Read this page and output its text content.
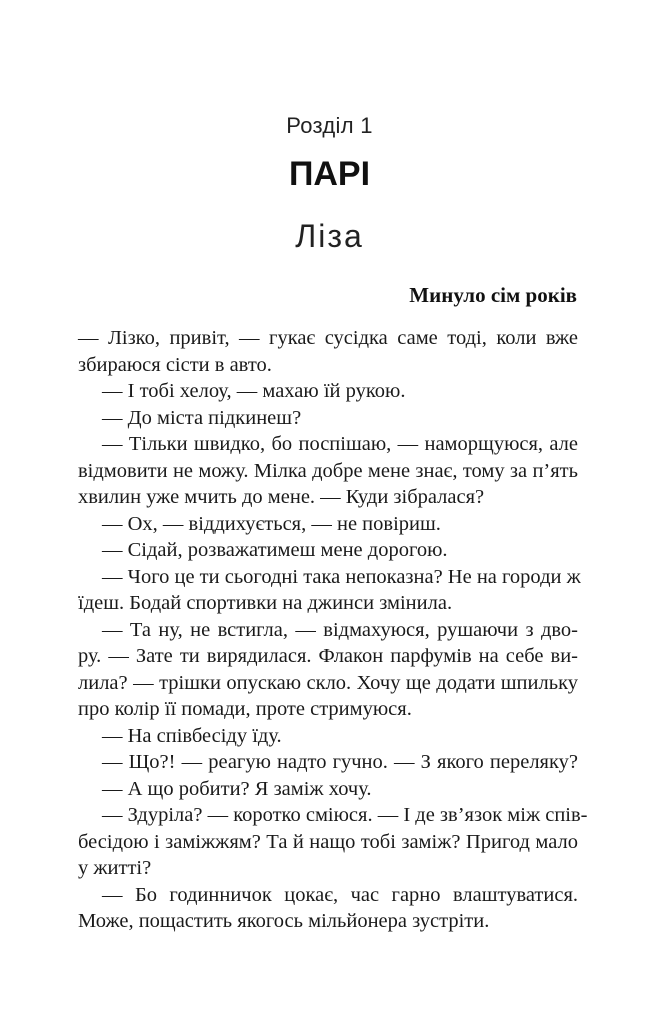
Розділ 1
ПАРІ
Ліза
Минуло сім років
— Лізко, привіт, — гукає сусідка саме тоді, коли вже
збираюся сісти в авто.
— І тобі хелоу, — махаю їй рукою.
— До міста підкинеш?
— Тільки швидко, бо поспішаю, — наморщуюся, але
відмовити не можу. Мілка добре мене знає, тому за п’ять
хвилин уже мчить до мене. — Куди зібралася?
— Ох, — віддихується, — не повіриш.
— Сідай, розважатимеш мене дорогою.
— Чого це ти сьогодні така непоказна? Не на городи ж
їдеш. Бодай спортивки на джинси змінила.
— Та ну, не встигла, — відмахуюся, рушаючи з дво-
ру. — Зате ти вирядилася. Флакон парфумів на себе ви-
лила? — трішки опускаю скло. Хочу ще додати шпильку
про колір її помади, проте стримуюся.
— На співбесіду їду.
— Що?! — реагую надто гучно. — З якого переляку?
— А що робити? Я заміж хочу.
— Здуріла? — коротко сміюся. — І де зв’язок між спів-
бесідою і заміжжям? Та й нащо тобі заміж? Пригод мало
у житті?
— Бо годинничок цокає, час гарно влаштуватися.
Може, пощастить якогось мільйонера зустріти.
